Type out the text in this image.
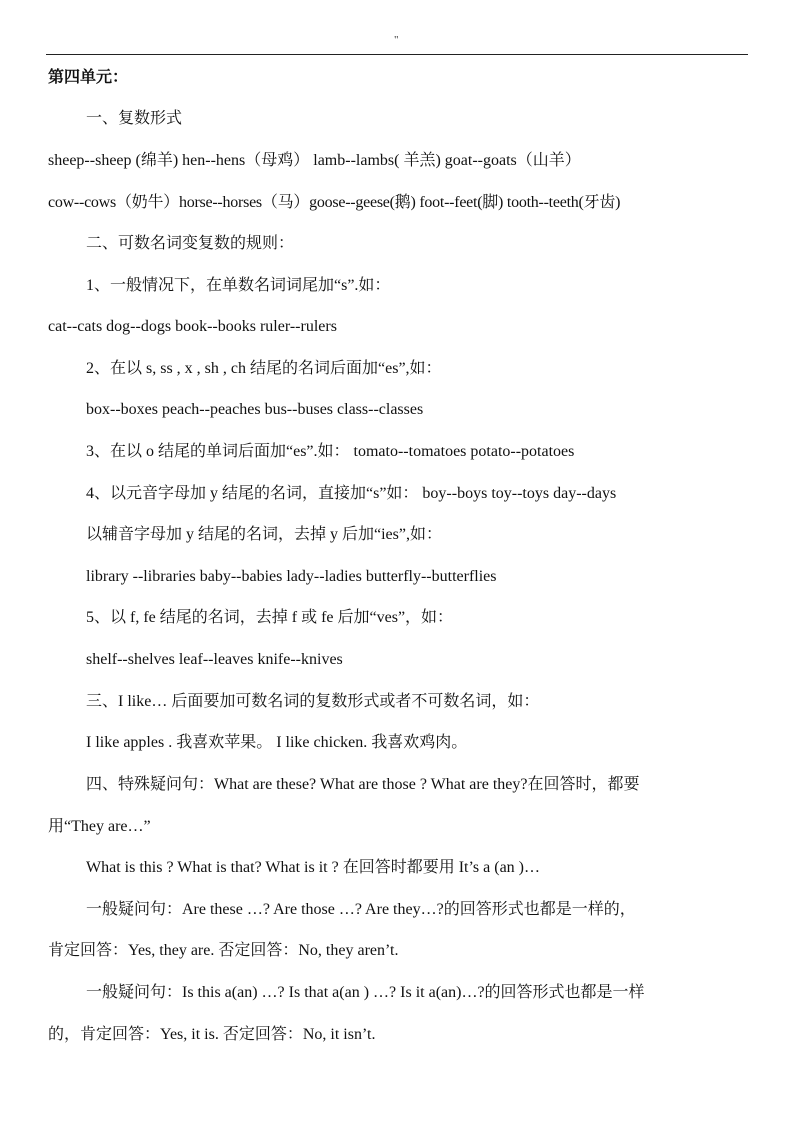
"
第四单元：
一、复数形式
sheep--sheep (绵羊) hen--hens（母鸡） lamb--lambs( 羊羔) goat--goats（山羊）
cow--cows（奶牛）horse--horses（马）goose--geese(鹅) foot--feet(脚) tooth--teeth(牙齿)
二、可数名词变复数的规则：
1、一般情况下，在单数名词词尾加“s”.如：
cat--cats dog--dogs book--books ruler--rulers
2、在以 s, ss , x , sh , ch 结尾的名词后面加“es”,如：
box--boxes peach--peaches bus--buses class--classes
3、在以 o 结尾的单词后面加“es”.如： tomato--tomatoes potato--potatoes
4、以元音字母加 y 结尾的名词，直接加“s”如： boy--boys toy--toys day--days
以辅音字母加 y 结尾的名词，去掉 y 后加“ies”,如：
library --libraries baby--babies lady--ladies butterfly--butterflies
5、以 f, fe 结尾的名词，去掉 f 或 fe 后加“ves”，如：
shelf--shelves leaf--leaves knife--knives
三、I like… 后面要加可数名词的复数形式或者不可数名词，如：
I like apples . 我喜欢苹果。 I like chicken. 我喜欢鸡肉。
四、特殊疑问句：What are these? What are those ? What are they?在回答时，都要
用“They are…”
What is this ? What is that? What is it ? 在回答时都要用 It’s a (an )…
一般疑问句：Are these …? Are those …? Are they…?的回答形式也都是一样的，
肯定回答：Yes, they are. 否定回答：No, they aren’t.
一般疑问句：Is this a(an) …? Is that a(an ) …? Is it a(an)…?的回答形式也都是一样
的，肯定回答：Yes, it is. 否定回答：No, it isn’t.
